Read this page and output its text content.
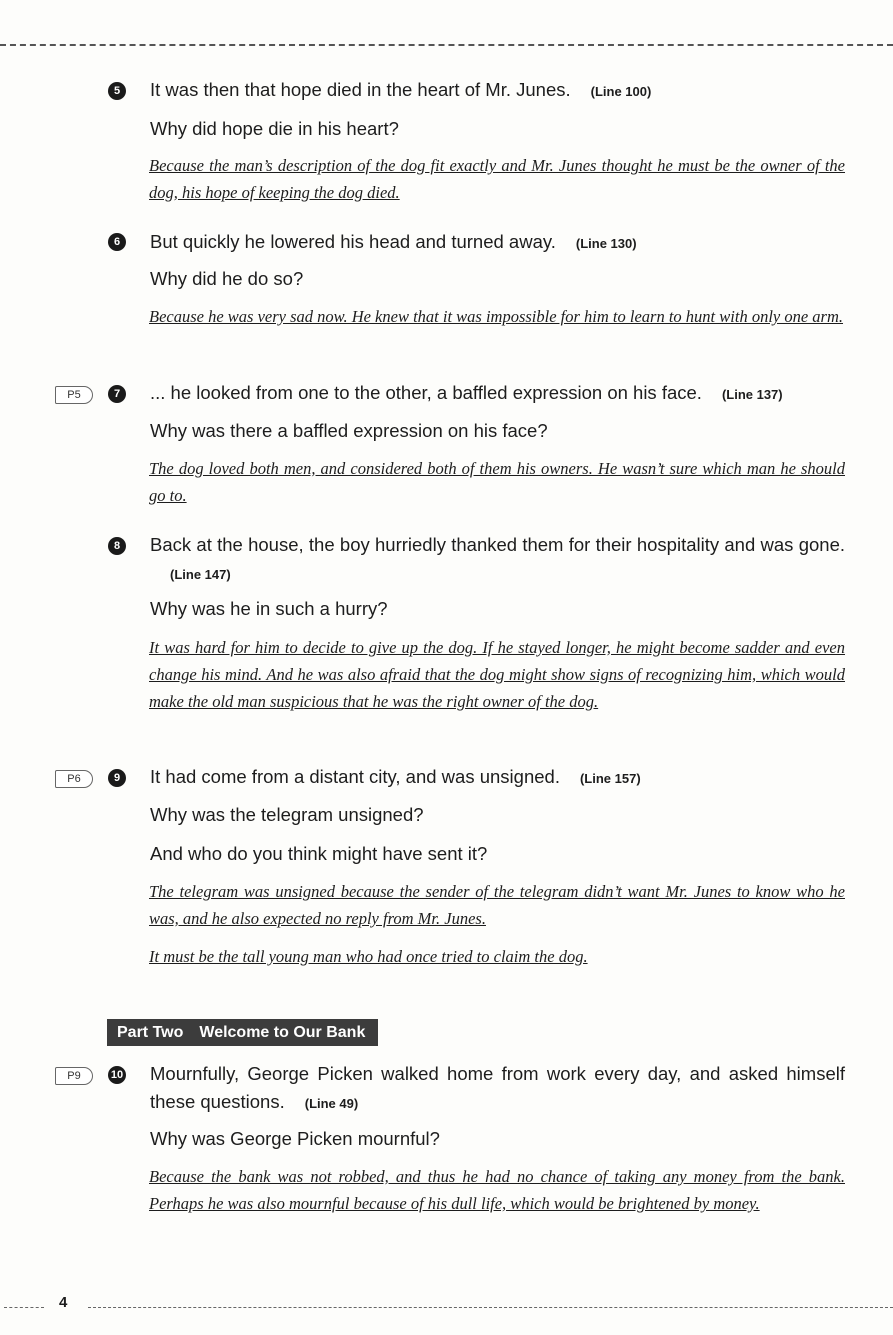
5	It was then that hope died in the heart of Mr. Junes. (Line 100)
Why did hope die in his heart?
Because the man’s description of the dog fit exactly and Mr. Junes thought he must be the owner of the dog, his hope of keeping the dog died.
6	But quickly he lowered his head and turned away. (Line 130)
Why did he do so?
Because he was very sad now. He knew that it was impossible for him to learn to hunt with only one arm.
P5	7	... he looked from one to the other, a baffled expression on his face. (Line 137)
Why was there a baffled expression on his face?
The dog loved both men, and considered both of them his owners. He wasn’t sure which man he should go to.
8	Back at the house, the boy hurriedly thanked them for their hospitality and was gone.(Line 147)
Why was he in such a hurry?
It was hard for him to decide to give up the dog. If he stayed longer, he might become sadder and even change his mind. And he was also afraid that the dog might show signs of recognizing him, which would make the old man suspicious that he was the right owner of the dog.
P6	9	It had come from a distant city, and was unsigned. (Line 157)
Why was the telegram unsigned?
And who do you think might have sent it?
The telegram was unsigned because the sender of the telegram didn’t want Mr. Junes to know who he was, and he also expected no reply from Mr. Junes.
It must be the tall young man who had once tried to claim the dog.
Part Two Welcome to Our Bank
P9	10 Mournfully, George Picken walked home from work every day, and asked himself these questions. (Line 49)
Why was George Picken mournful?
Because the bank was not robbed, and thus he had no chance of taking any money from the bank. Perhaps he was also mournful because of his dull life, which would be brightened by money.
4
